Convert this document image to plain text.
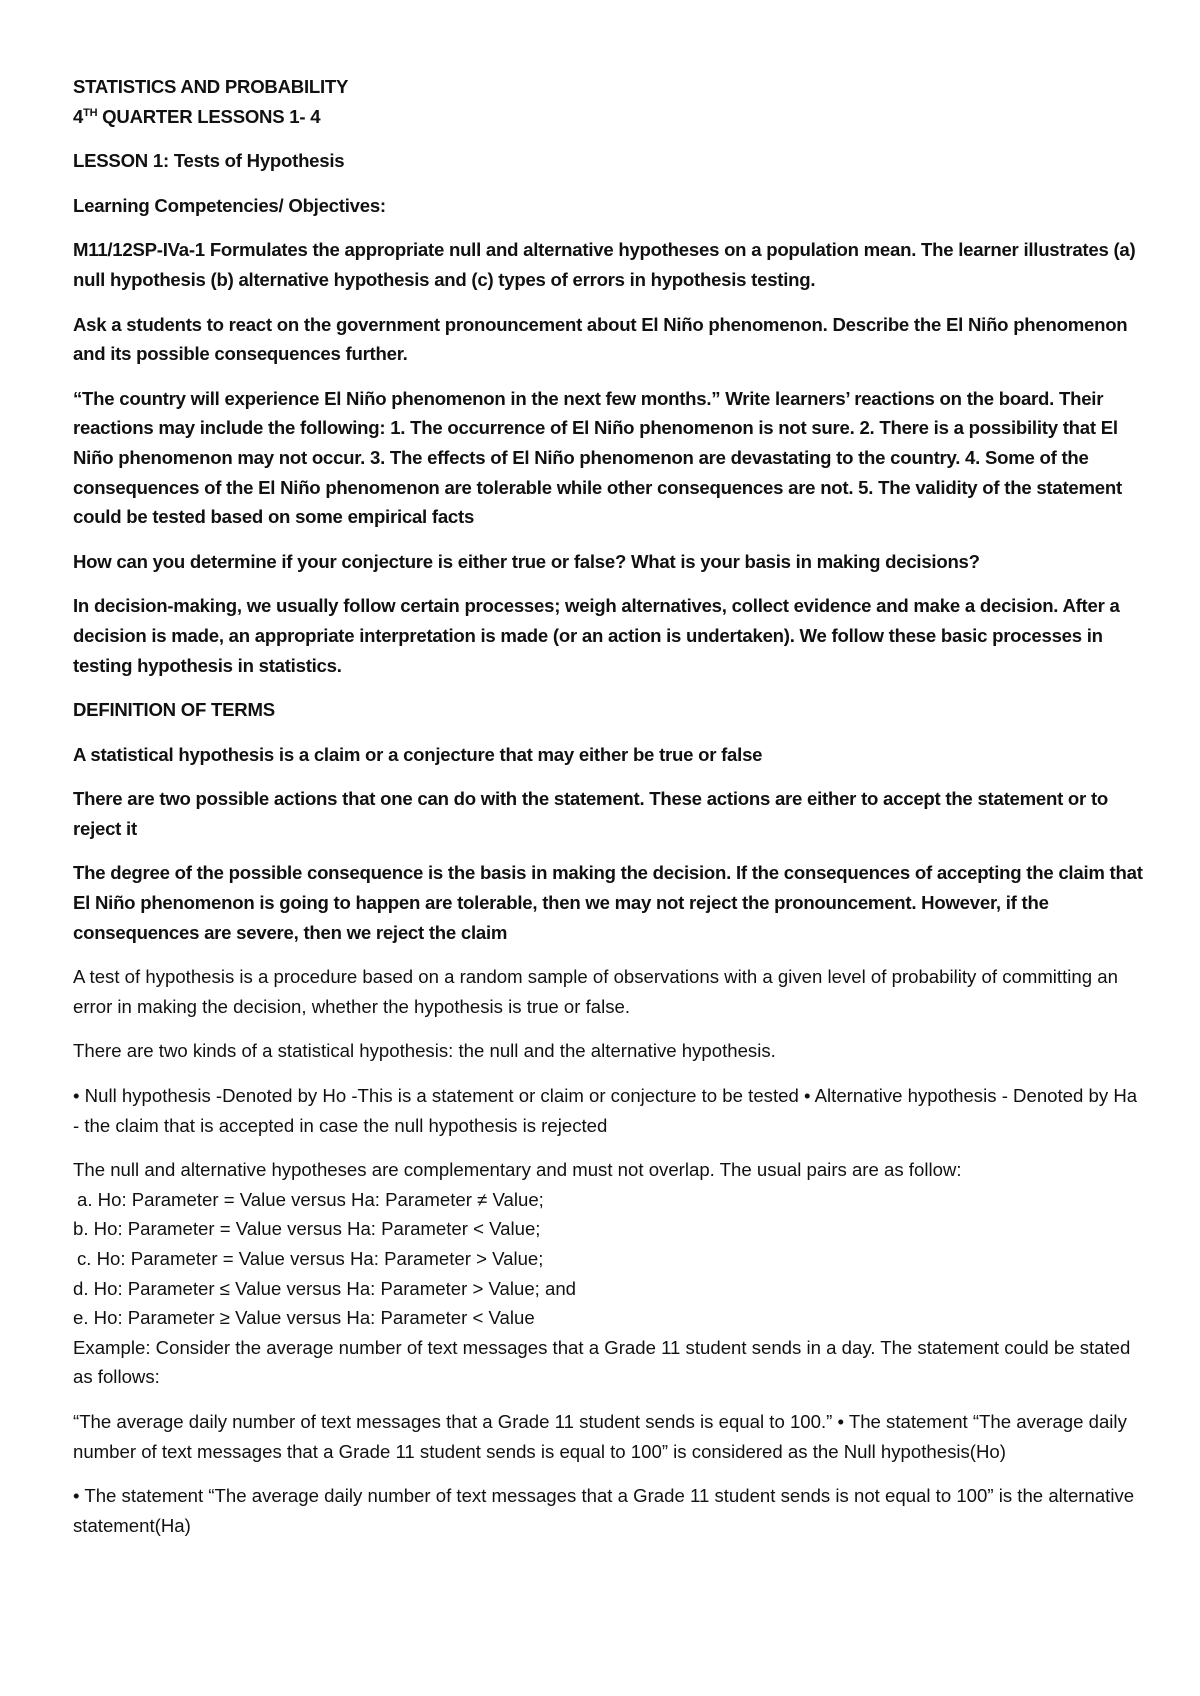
STATISTICS AND PROBABILITY

4TH QUARTER LESSONS 1- 4

LESSON 1: Tests of Hypothesis

Learning Competencies/ Objectives:

M11/12SP-IVa-1 Formulates the appropriate null and alternative hypotheses on a population mean. The learner illustrates (a) null hypothesis (b) alternative hypothesis and (c) types of errors in hypothesis testing.

Ask a students to react on the government pronouncement about El Niño phenomenon. Describe the El Niño phenomenon and its possible consequences further.

“The country will experience El Niño phenomenon in the next few months.” Write learners’ reactions on the board. Their reactions may include the following: 1. The occurrence of El Niño phenomenon is not sure. 2. There is a possibility that El Niño phenomenon may not occur. 3. The effects of El Niño phenomenon are devastating to the country. 4. Some of the consequences of the El Niño phenomenon are tolerable while other consequences are not. 5. The validity of the statement could be tested based on some empirical facts

How can you determine if your conjecture is either true or false? What is your basis in making decisions?

In decision-making, we usually follow certain processes; weigh alternatives, collect evidence and make a decision. After a decision is made, an appropriate interpretation is made (or an action is undertaken). We follow these basic processes in testing hypothesis in statistics.

DEFINITION OF TERMS

A statistical hypothesis is a claim or a conjecture that may either be true or false

There are two possible actions that one can do with the statement. These actions are either to accept the statement or to reject it

The degree of the possible consequence is the basis in making the decision. If the consequences of accepting the claim that El Niño phenomenon is going to happen are tolerable, then we may not reject the pronouncement. However, if the consequences are severe, then we reject the claim

A test of hypothesis is a procedure based on a random sample of observations with a given level of probability of committing an error in making the decision, whether the hypothesis is true or false.

There are two kinds of a statistical hypothesis: the null and the alternative hypothesis.

• Null hypothesis -Denoted by Ho -This is a statement or claim or conjecture to be tested • Alternative hypothesis - Denoted by Ha - the claim that is accepted in case the null hypothesis is rejected

The null and alternative hypotheses are complementary and must not overlap. The usual pairs are as follow:
a. Ho: Parameter = Value versus Ha: Parameter ≠ Value;
b. Ho: Parameter = Value versus Ha: Parameter < Value;
c. Ho: Parameter = Value versus Ha: Parameter > Value;
d. Ho: Parameter ≤ Value versus Ha: Parameter > Value; and
e. Ho: Parameter ≥ Value versus Ha: Parameter < Value

Example: Consider the average number of text messages that a Grade 11 student sends in a day. The statement could be stated as follows:

“The average daily number of text messages that a Grade 11 student sends is equal to 100.” • The statement “The average daily number of text messages that a Grade 11 student sends is equal to 100” is considered as the Null hypothesis(Ho)

• The statement “The average daily number of text messages that a Grade 11 student sends is not equal to 100” is the alternative statement(Ha)
